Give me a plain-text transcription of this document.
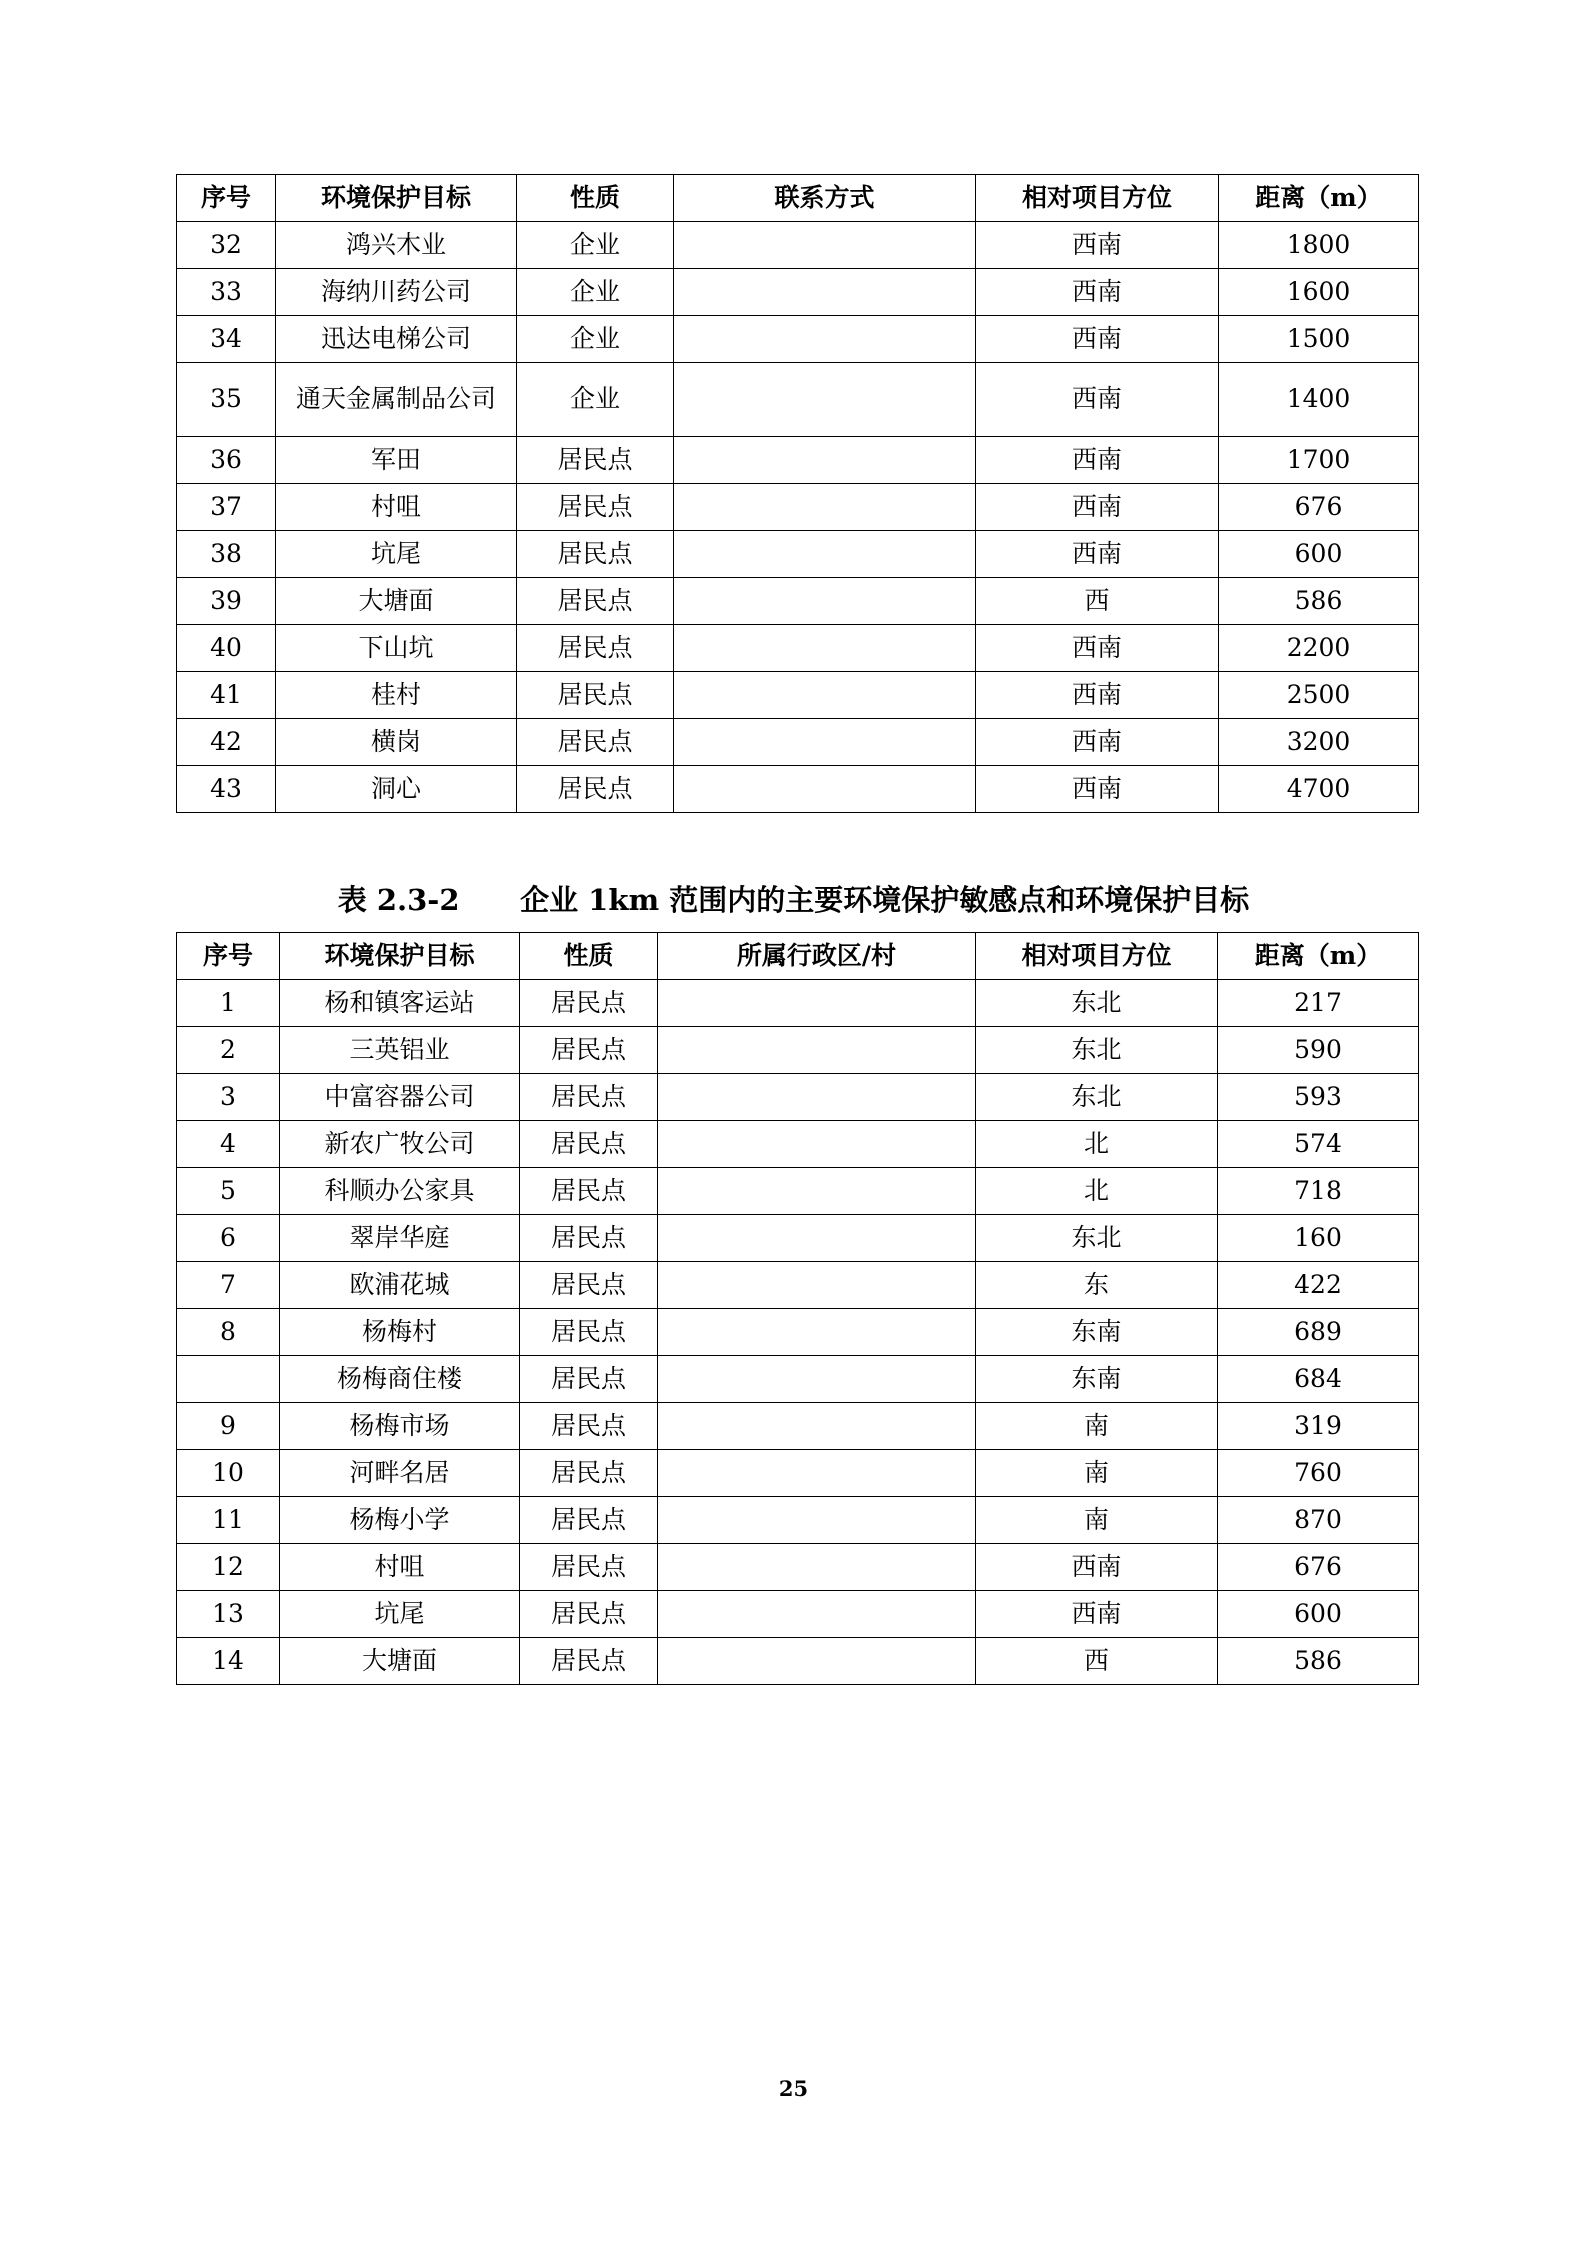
序号	环境保护目标	性质	联系方式	相对项目方位	距离（m）
32	鸿兴木业	企业		西南	1800
33	海纳川药公司	企业		西南	1600
34	迅达电梯公司	企业		西南	1500
35	通天金属制品公司	企业		西南	1400
36	军田	居民点		西南	1700
37	村咀	居民点		西南	676
38	坑尾	居民点		西南	600
39	大塘面	居民点		西	586
40	下山坑	居民点		西南	2200
41	桂村	居民点		西南	2500
42	横岗	居民点		西南	3200
43	洞心	居民点		西南	4700
表 2.3-2      企业 1km 范围内的主要环境保护敏感点和环境保护目标
序号	环境保护目标	性质	所属行政区/村	相对项目方位	距离（m）
1	杨和镇客运站	居民点		东北	217
2	三英铝业	居民点		东北	590
3	中富容器公司	居民点		东北	593
4	新农广牧公司	居民点		北	574
5	科顺办公家具	居民点		北	718
6	翠岸华庭	居民点		东北	160
7	欧浦花城	居民点		东	422
8	杨梅村	居民点		东南	689
	杨梅商住楼	居民点		东南	684
9	杨梅市场	居民点		南	319
10	河畔名居	居民点		南	760
11	杨梅小学	居民点		南	870
12	村咀	居民点		西南	676
13	坑尾	居民点		西南	600
14	大塘面	居民点		西	586
25
